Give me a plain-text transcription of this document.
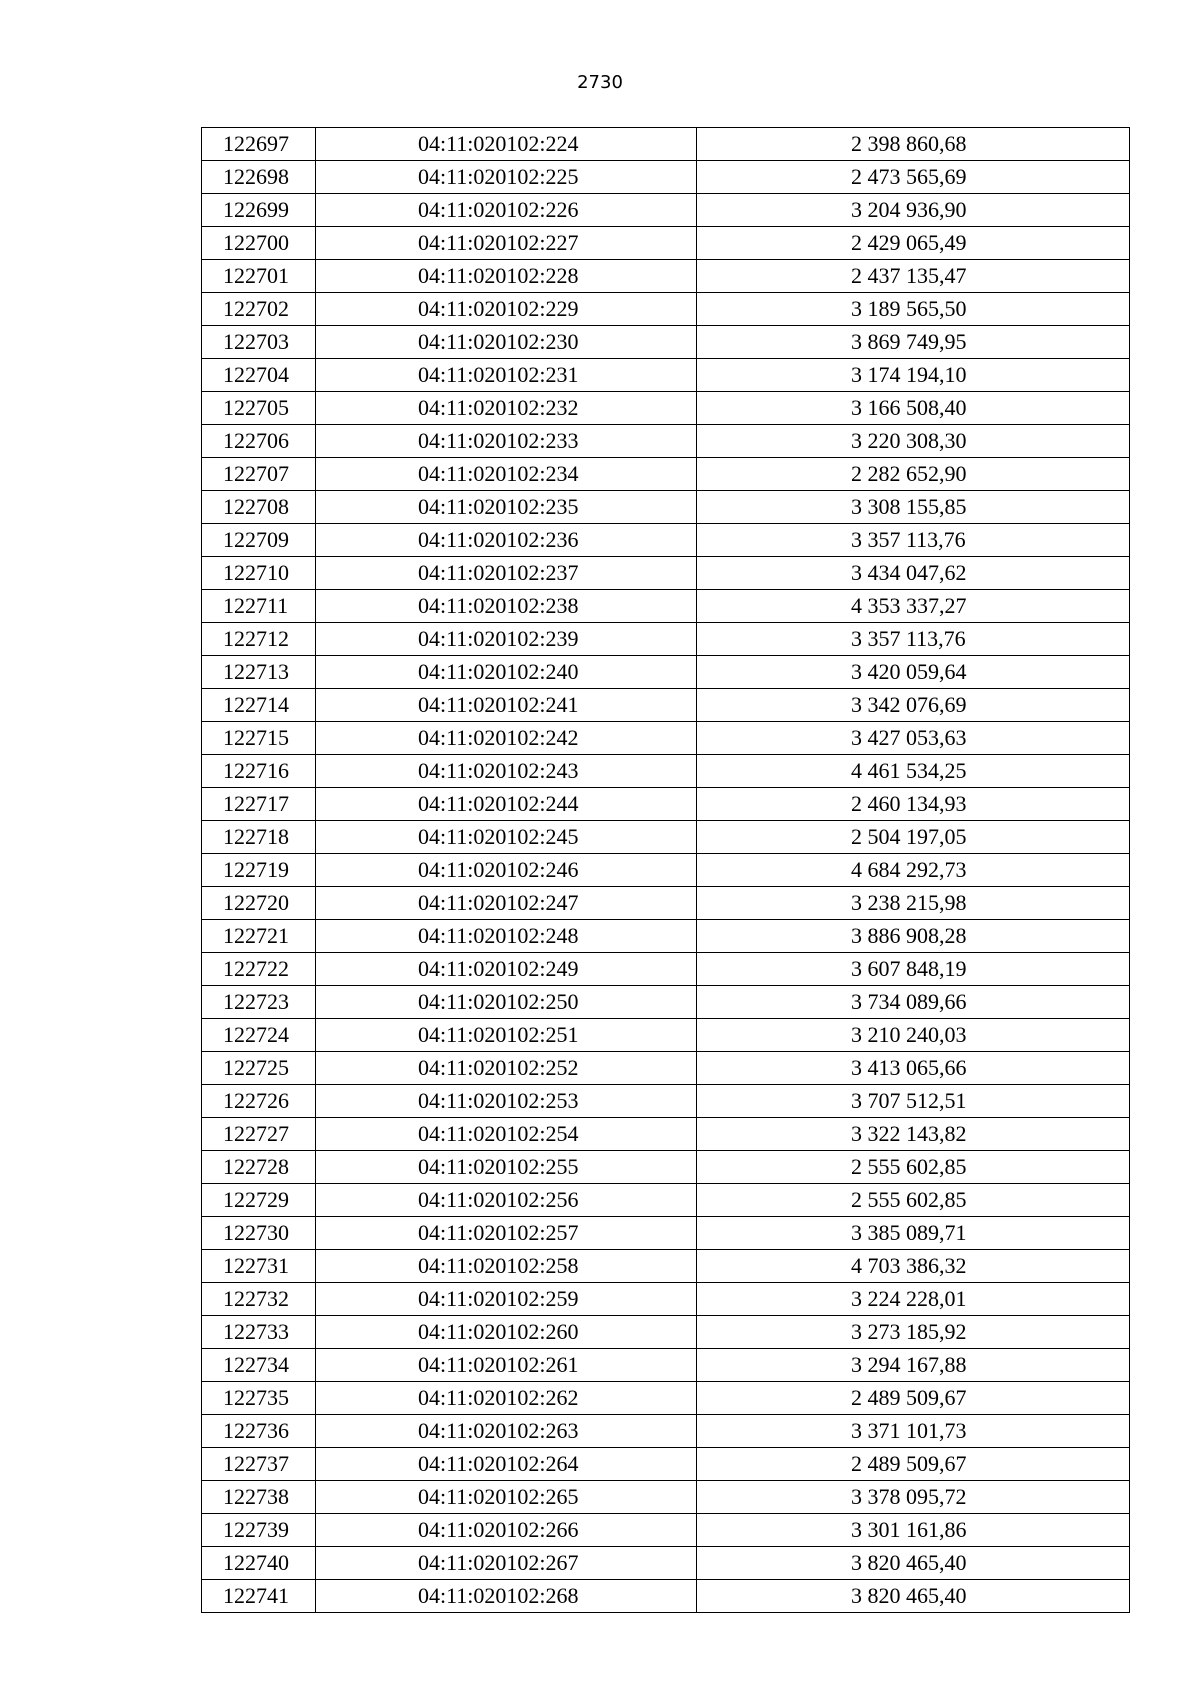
2730
122697	04:11:020102:224	2 398 860,68
122698	04:11:020102:225	2 473 565,69
122699	04:11:020102:226	3 204 936,90
122700	04:11:020102:227	2 429 065,49
122701	04:11:020102:228	2 437 135,47
122702	04:11:020102:229	3 189 565,50
122703	04:11:020102:230	3 869 749,95
122704	04:11:020102:231	3 174 194,10
122705	04:11:020102:232	3 166 508,40
122706	04:11:020102:233	3 220 308,30
122707	04:11:020102:234	2 282 652,90
122708	04:11:020102:235	3 308 155,85
122709	04:11:020102:236	3 357 113,76
122710	04:11:020102:237	3 434 047,62
122711	04:11:020102:238	4 353 337,27
122712	04:11:020102:239	3 357 113,76
122713	04:11:020102:240	3 420 059,64
122714	04:11:020102:241	3 342 076,69
122715	04:11:020102:242	3 427 053,63
122716	04:11:020102:243	4 461 534,25
122717	04:11:020102:244	2 460 134,93
122718	04:11:020102:245	2 504 197,05
122719	04:11:020102:246	4 684 292,73
122720	04:11:020102:247	3 238 215,98
122721	04:11:020102:248	3 886 908,28
122722	04:11:020102:249	3 607 848,19
122723	04:11:020102:250	3 734 089,66
122724	04:11:020102:251	3 210 240,03
122725	04:11:020102:252	3 413 065,66
122726	04:11:020102:253	3 707 512,51
122727	04:11:020102:254	3 322 143,82
122728	04:11:020102:255	2 555 602,85
122729	04:11:020102:256	2 555 602,85
122730	04:11:020102:257	3 385 089,71
122731	04:11:020102:258	4 703 386,32
122732	04:11:020102:259	3 224 228,01
122733	04:11:020102:260	3 273 185,92
122734	04:11:020102:261	3 294 167,88
122735	04:11:020102:262	2 489 509,67
122736	04:11:020102:263	3 371 101,73
122737	04:11:020102:264	2 489 509,67
122738	04:11:020102:265	3 378 095,72
122739	04:11:020102:266	3 301 161,86
122740	04:11:020102:267	3 820 465,40
122741	04:11:020102:268	3 820 465,40
